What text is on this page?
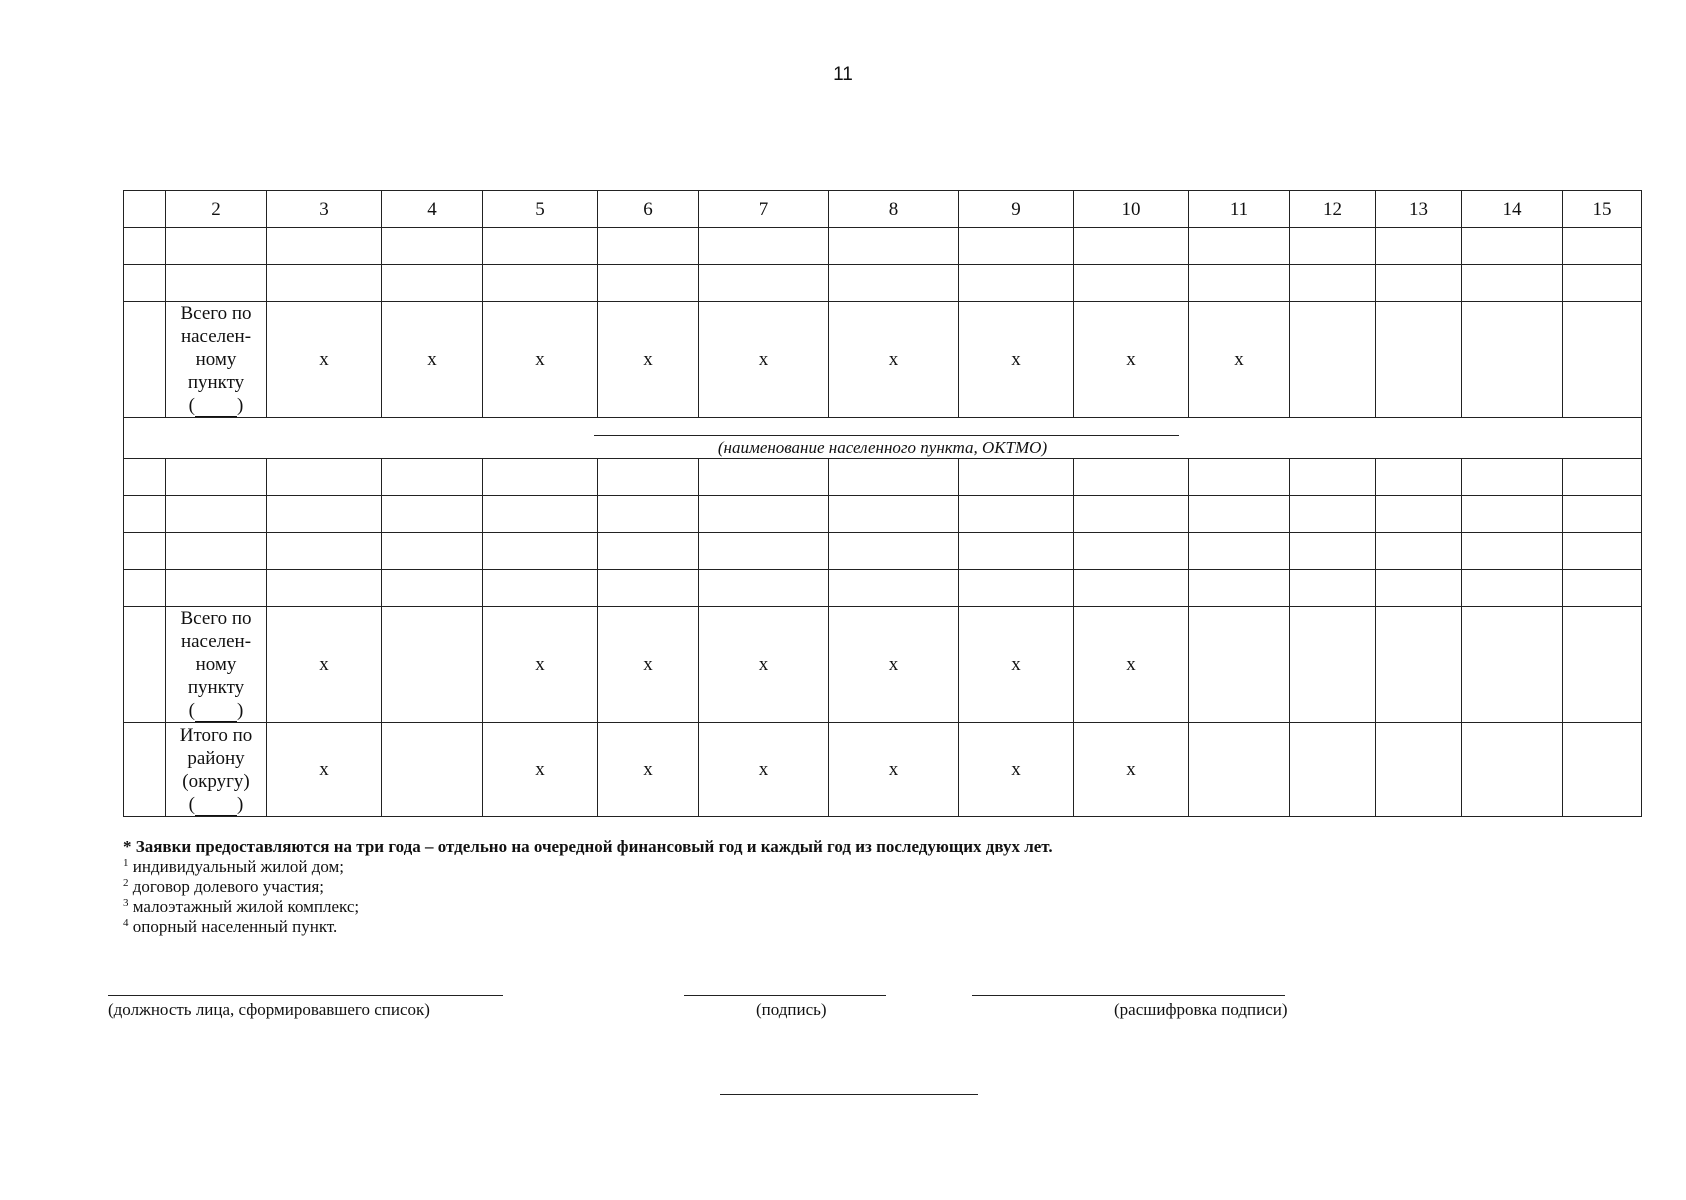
11
	2	3	4	5	6	7	8	9	10	11	12	13	14	15

	Всего по
населен-
ному
пункту
( )	x	x	x	x	x	x	x	x	x				

(наименование населенного пункта, ОКТМО)														

	Всего по
населен-
ному
пункту
( )	x		x	x	x	x	x	x					

	Итого по
району
(округу)
( )	x		x	x	x	x	x	x					
* Заявки предоставляются на три года – отдельно на очередной финансовый год и каждый год из последующих двух лет.
$^1$ индивидуальный жилой дом;
$^2$ договор долевого участия;
$^3$ малоэтажный жилой комплекс;
$^4$ опорный населенный пункт.
(должность лица, сформировавшего список)	(подпись)	(расшифровка подписи)
